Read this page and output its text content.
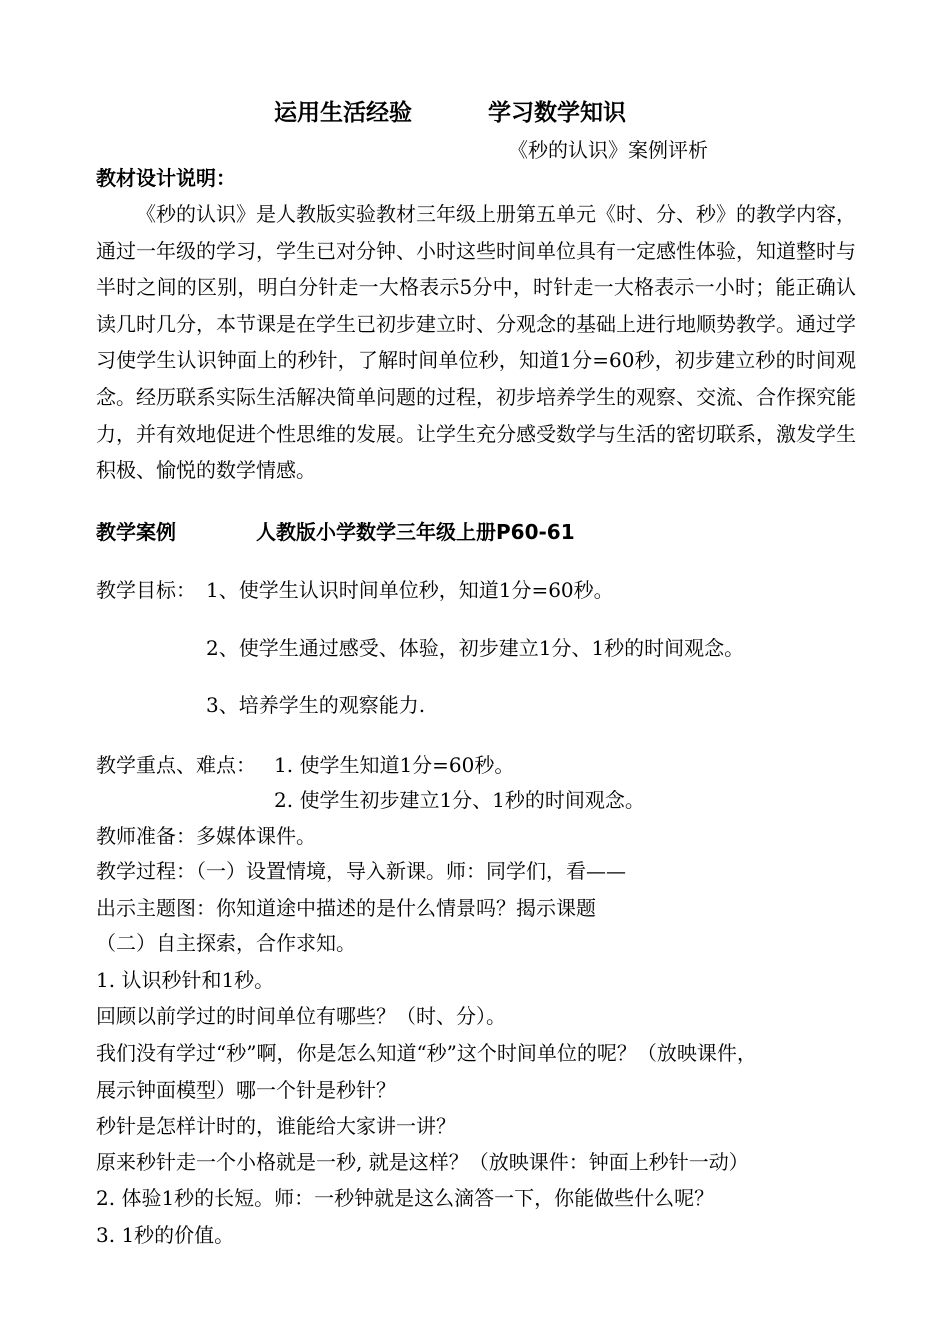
运用生活经验	学习数学知识
《秒的认识》案例评析
教材设计说明：
《秒的认识》是人教版实验教材三年级上册第五单元《时、分、秒》的教学内容，通过一年级的学习，学生已对分钟、小时这些时间单位具有一定感性体验，知道整时与半时之间的区别，明白分针走一大格表示5分中，时针走一大格表示一小时；能正确认读几时几分，本节课是在学生已初步建立时、分观念的基础上进行地顺势教学。通过学习使学生认识钟面上的秒针，了解时间单位秒，知道1分=60秒，初步建立秒的时间观念。经历联系实际生活解决简单问题的过程，初步培养学生的观察、交流、合作探究能力，并有效地促进个性思维的发展。让学生充分感受数学与生活的密切联系，激发学生积极、愉悦的数学情感。
教学案例	人教版小学数学三年级上册P60-61
教学目标： 1、使学生认识时间单位秒，知道1分=60秒。
2、使学生通过感受、体验，初步建立1分、1秒的时间观念。
3、培养学生的观察能力.
教学重点、难点： 1. 使学生知道1分=60秒。
2. 使学生初步建立1分、1秒的时间观念。
教师准备：多媒体课件。
教学过程：（一）设置情境，导入新课。师：同学们，看——
出示主题图：你知道途中描述的是什么情景吗？揭示课题
（二）自主探索，合作求知。
1. 认识秒针和1秒。
回顾以前学过的时间单位有哪些？（时、分）。
我们没有学过“秒”啊，你是怎么知道“秒”这个时间单位的呢？（放映课件，
展示钟面模型）哪一个针是秒针？
秒针是怎样计时的，谁能给大家讲一讲？
原来秒针走一个小格就是一秒, 就是这样？（放映课件：钟面上秒针一动）
2. 体验1秒的长短。师：一秒钟就是这么滴答一下，你能做些什么呢？
3. 1秒的价值。
